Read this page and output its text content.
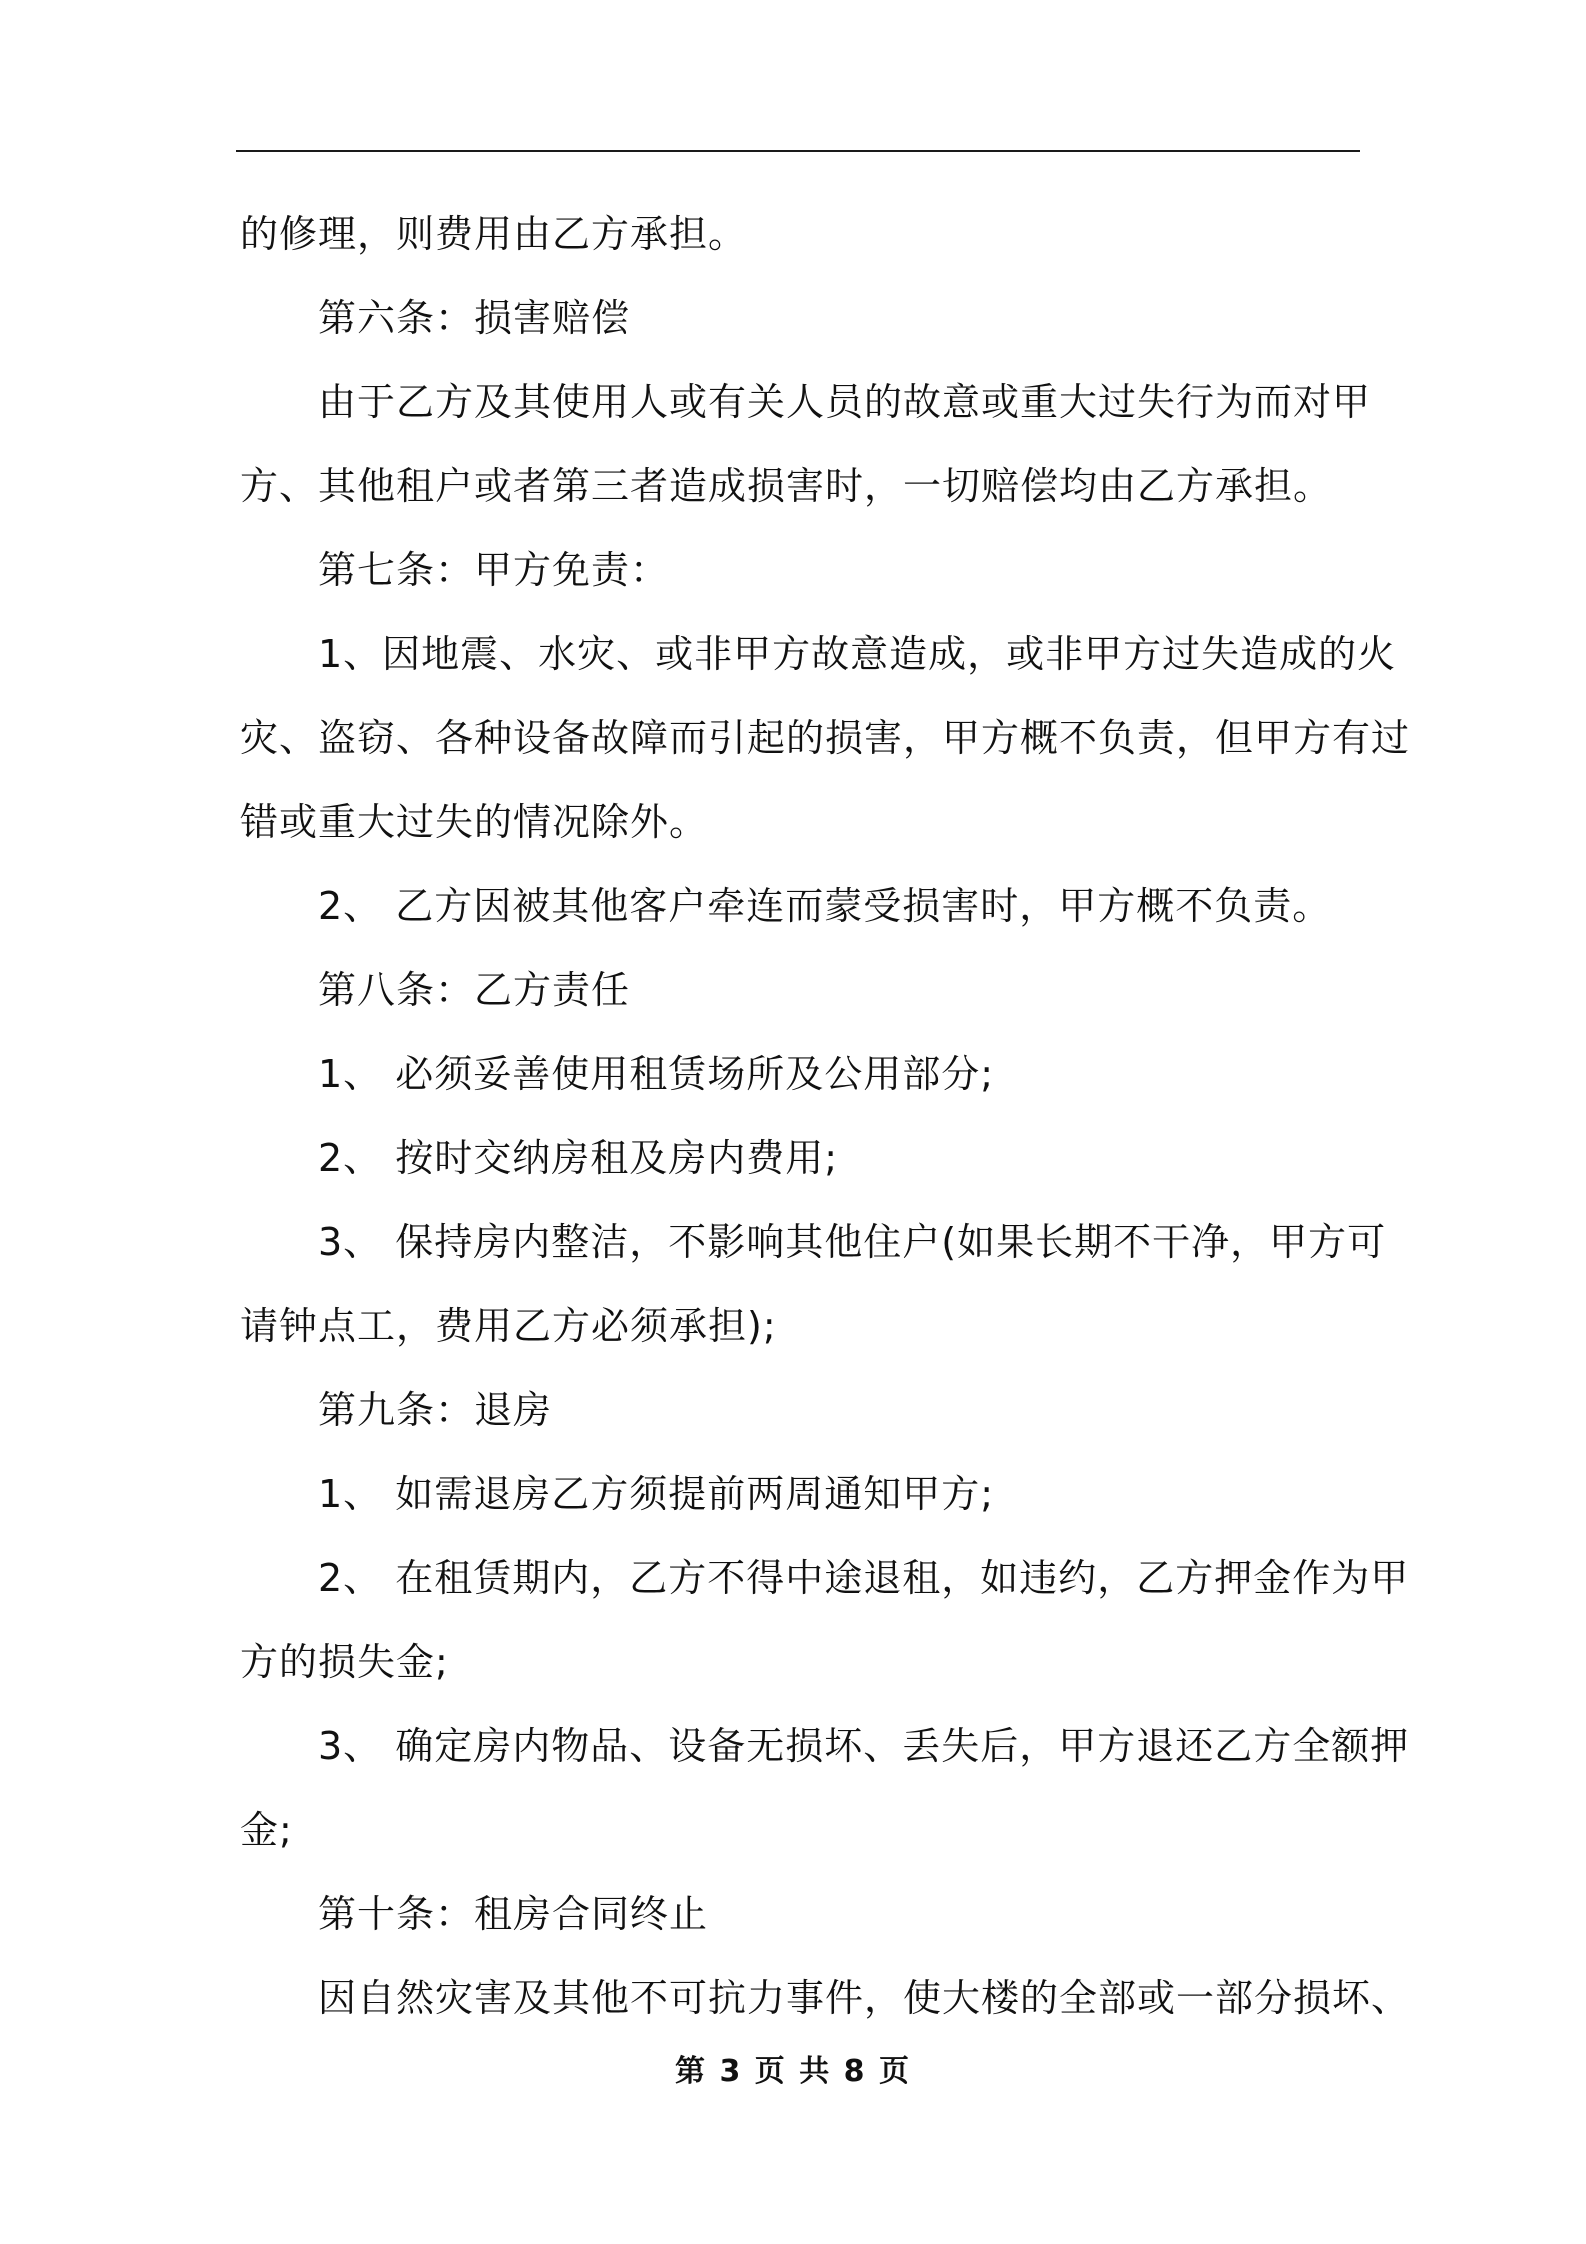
的修理，则费用由乙方承担。
第六条：损害赔偿
由于乙方及其使用人或有关人员的故意或重大过失行为而对甲
方、其他租户或者第三者造成损害时，一切赔偿均由乙方承担。
第七条：甲方免责：
1、因地震、水灾、或非甲方故意造成，或非甲方过失造成的火
灾、盗窃、各种设备故障而引起的损害，甲方概不负责，但甲方有过
错或重大过失的情况除外。
2、 乙方因被其他客户牵连而蒙受损害时，甲方概不负责。
第八条：乙方责任
1、 必须妥善使用租赁场所及公用部分;
2、 按时交纳房租及房内费用;
3、 保持房内整洁，不影响其他住户(如果长期不干净，甲方可
请钟点工，费用乙方必须承担);
第九条：退房
1、 如需退房乙方须提前两周通知甲方;
2、 在租赁期内，乙方不得中途退租，如违约，乙方押金作为甲
方的损失金;
3、 确定房内物品、设备无损坏、丢失后，甲方退还乙方全额押
金;
第十条：租房合同终止
因自然灾害及其他不可抗力事件，使大楼的全部或一部分损坏、
第 3 页 共 8 页
